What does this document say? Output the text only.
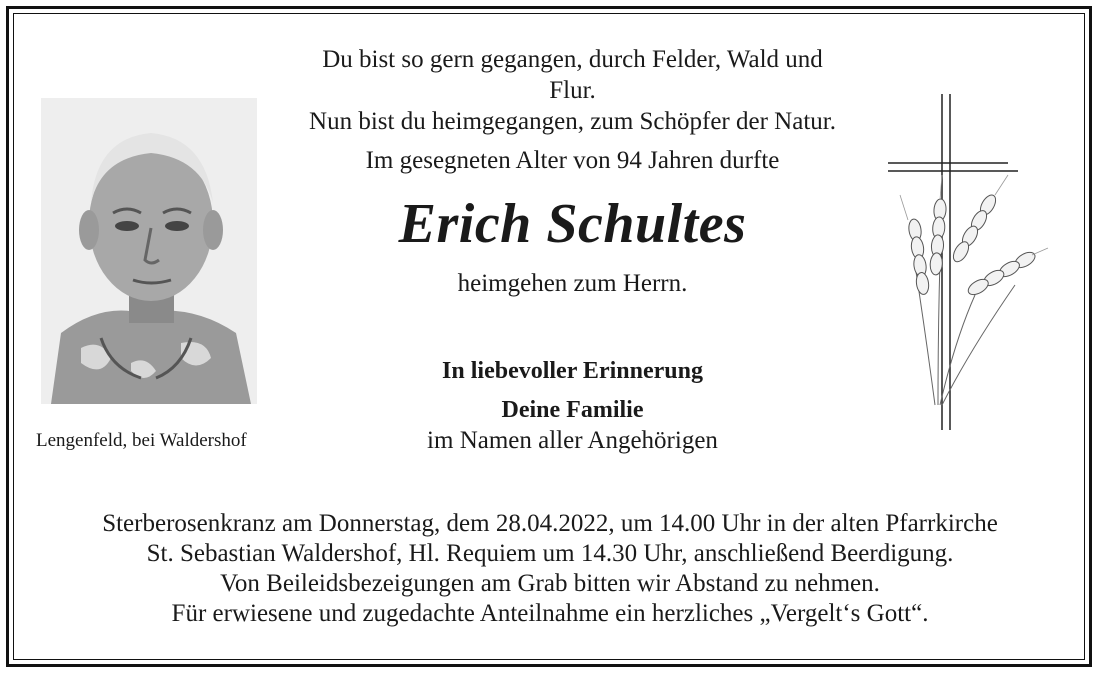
Du bist so gern gegangen, durch Felder, Wald und Flur.
Nun bist du heimgegangen, zum Schöpfer der Natur.
Lengenfeld, bei Waldershof
Im gesegneten Alter von 94 Jahren durfte
Erich Schultes
heimgehen zum Herrn.
In liebevoller Erinnerung
Deine Familie
im Namen aller Angehörigen
Sterberosenkranz am Donnerstag, dem 28.04.2022, um 14.00 Uhr in der alten Pfarrkirche
St. Sebastian Waldershof, Hl. Requiem um 14.30 Uhr, anschließend Beerdigung.
Von Beileidsbezeigungen am Grab bitten wir Abstand zu nehmen.
Für erwiesene und zugedachte Anteilnahme ein herzliches „Vergelt‘s Gott“.
